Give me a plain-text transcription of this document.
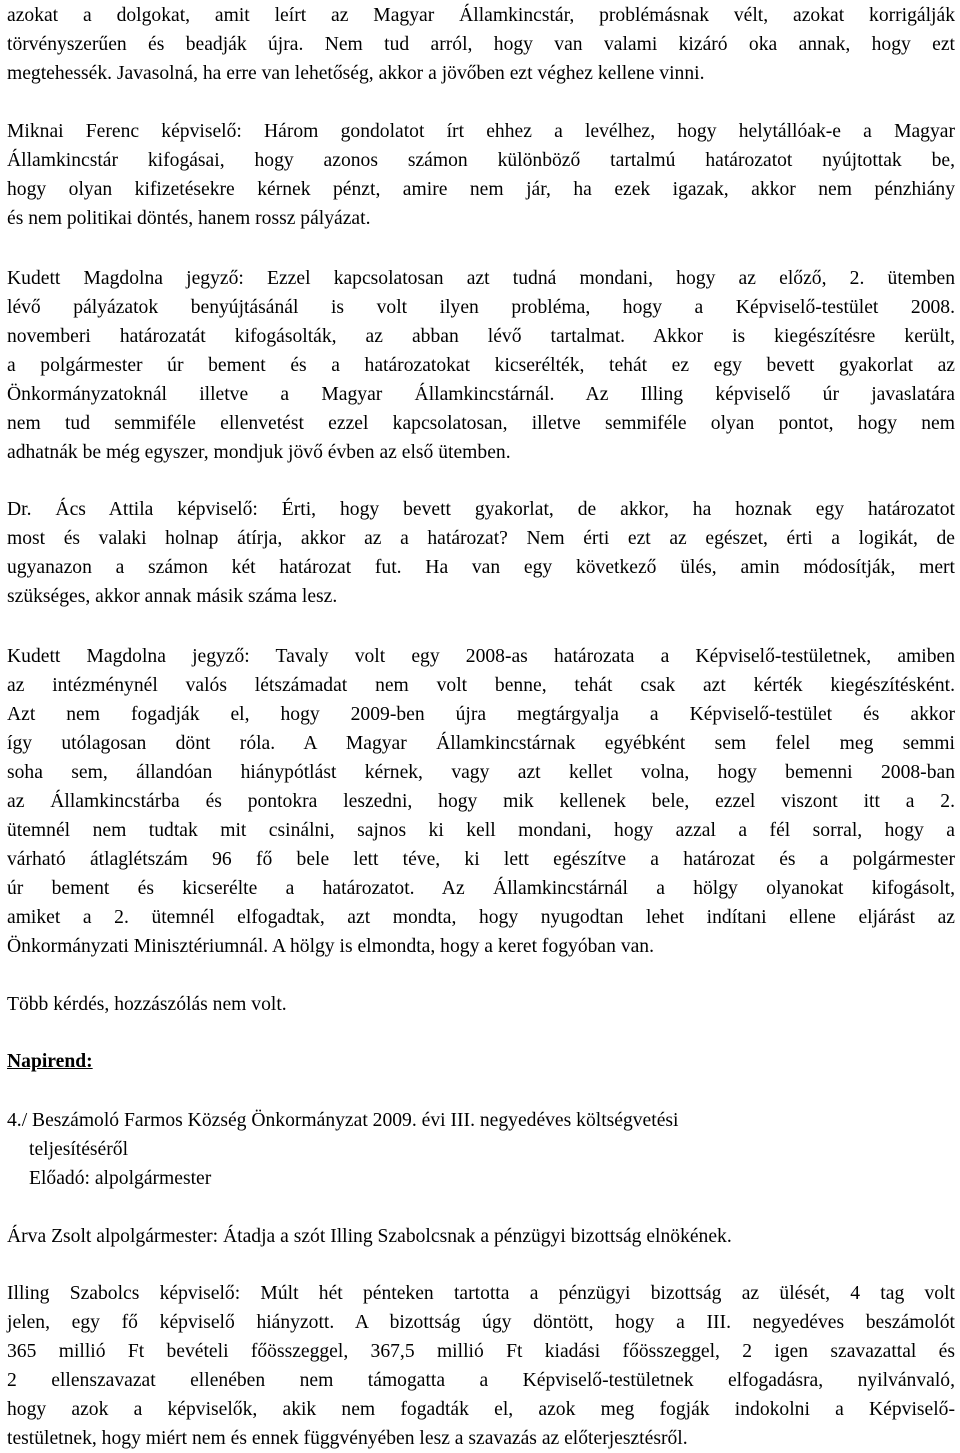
azokat a dolgokat, amit leírt az Magyar Államkincstár, problémásnak vélt, azokat korrigálják
törvényszerűen és beadják újra. Nem tud arról, hogy van valami kizáró oka annak, hogy ezt
megtehessék. Javasolná, ha erre van lehetőség, akkor a jövőben ezt véghez kellene vinni.
Miknai Ferenc képviselő: Három gondolatot írt ehhez a levélhez, hogy helytállóak-e a Magyar
Államkincstár kifogásai, hogy azonos számon különböző tartalmú határozatot nyújtottak be,
hogy olyan kifizetésekre kérnek pénzt, amire nem jár, ha ezek igazak, akkor nem pénzhiány
és nem politikai döntés, hanem rossz pályázat.
Kudett Magdolna jegyző: Ezzel kapcsolatosan azt tudná mondani, hogy az előző, 2. ütemben
lévő pályázatok benyújtásánál is volt ilyen probléma, hogy a Képviselő-testület 2008.
novemberi határozatát kifogásolták, az abban lévő tartalmat. Akkor is kiegészítésre került,
a polgármester úr bement és a határozatokat kicserélték, tehát ez egy bevett gyakorlat az
Önkormányzatoknál illetve a Magyar Államkincstárnál. Az Illing képviselő úr javaslatára
nem tud semmiféle ellenvetést ezzel kapcsolatosan, illetve semmiféle olyan pontot, hogy nem
adhatnák be még egyszer, mondjuk jövő évben az első ütemben.
Dr. Ács Attila képviselő: Érti, hogy bevett gyakorlat, de akkor, ha hoznak egy határozatot
most és valaki holnap átírja, akkor az a határozat? Nem érti ezt az egészet, érti a logikát, de
ugyanazon a számon két határozat fut. Ha van egy következő ülés, amin módosítják, mert
szükséges, akkor annak másik száma lesz.
Kudett Magdolna jegyző: Tavaly volt egy 2008-as határozata a Képviselő-testületnek, amiben
az intézménynél valós létszámadat nem volt benne, tehát csak azt kérték kiegészítésként.
Azt nem fogadják el, hogy 2009-ben újra megtárgyalja a Képviselő-testület és akkor
így utólagosan dönt róla. A Magyar Államkincstárnak egyébként sem felel meg semmi
soha sem, állandóan hiánypótlást kérnek, vagy azt kellet volna, hogy bemenni 2008-ban
az Államkincstárba és pontokra leszedni, hogy mik kellenek bele, ezzel viszont itt a 2.
ütemnél nem tudtak mit csinálni, sajnos ki kell mondani, hogy azzal a fél sorral, hogy a
várható átlaglétszám 96 fő bele lett téve, ki lett egészítve a határozat és a polgármester
úr bement és kicserélte a határozatot. Az Államkincstárnál a hölgy olyanokat kifogásolt,
amiket a 2. ütemnél elfogadtak, azt mondta, hogy nyugodtan lehet indítani ellene eljárást az
Önkormányzati Minisztériumnál. A hölgy is elmondta, hogy a keret fogyóban van.
Több kérdés, hozzászólás nem volt.
Napirend:
4./ Beszámoló Farmos Község Önkormányzat 2009. évi III. negyedéves költségvetési
teljesítéséről
Előadó: alpolgármester
Árva Zsolt alpolgármester: Átadja a szót Illing Szabolcsnak a pénzügyi bizottság elnökének.
Illing Szabolcs képviselő: Múlt hét pénteken tartotta a pénzügyi bizottság az ülését, 4 tag volt
jelen, egy fő képviselő hiányzott. A bizottság úgy döntött, hogy a III. negyedéves beszámolót
365 millió Ft bevételi főösszeggel, 367,5 millió Ft kiadási főösszeggel, 2 igen szavazattal és
2 ellenszavazat ellenében nem támogatta a Képviselő-testületnek elfogadásra, nyilvánvaló,
hogy azok a képviselők, akik nem fogadták el, azok meg fogják indokolni a Képviselő-
testületnek, hogy miért nem és ennek függvényében lesz a szavazás az előterjesztésről.
